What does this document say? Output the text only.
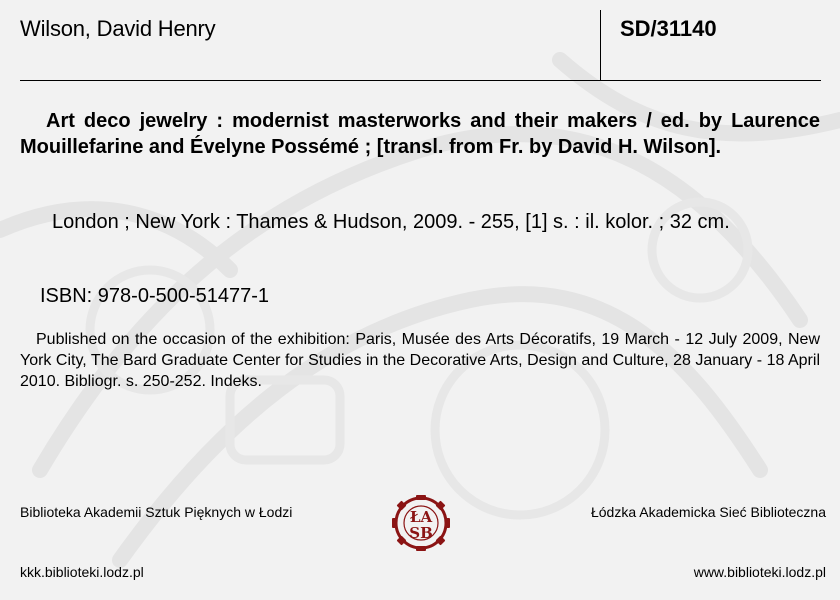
Wilson, David Henry	SD/31140
Art deco jewelry : modernist masterworks and their makers / ed. by Laurence Mouillefarine and Évelyne Possémé ; [transl. from Fr. by David H. Wilson].
London ; New York : Thames & Hudson, 2009. - 255, [1] s. : il. kolor. ; 32 cm.
ISBN: 978-0-500-51477-1
Published on the occasion of the exhibition: Paris, Musée des Arts Décoratifs, 19 March - 12 July 2009, New York City, The Bard Graduate Center for Studies in the Decorative Arts, Design and Culture, 28 January - 18 April 2010. Bibliogr. s. 250-252. Indeks.
Biblioteka Akademii Sztuk Pięknych w Łodzi	ŁA
SB
Łódzka Akademicka Sieć Biblioteczna
kkk.biblioteki.lodz.pl	www.biblioteki.lodz.pl
